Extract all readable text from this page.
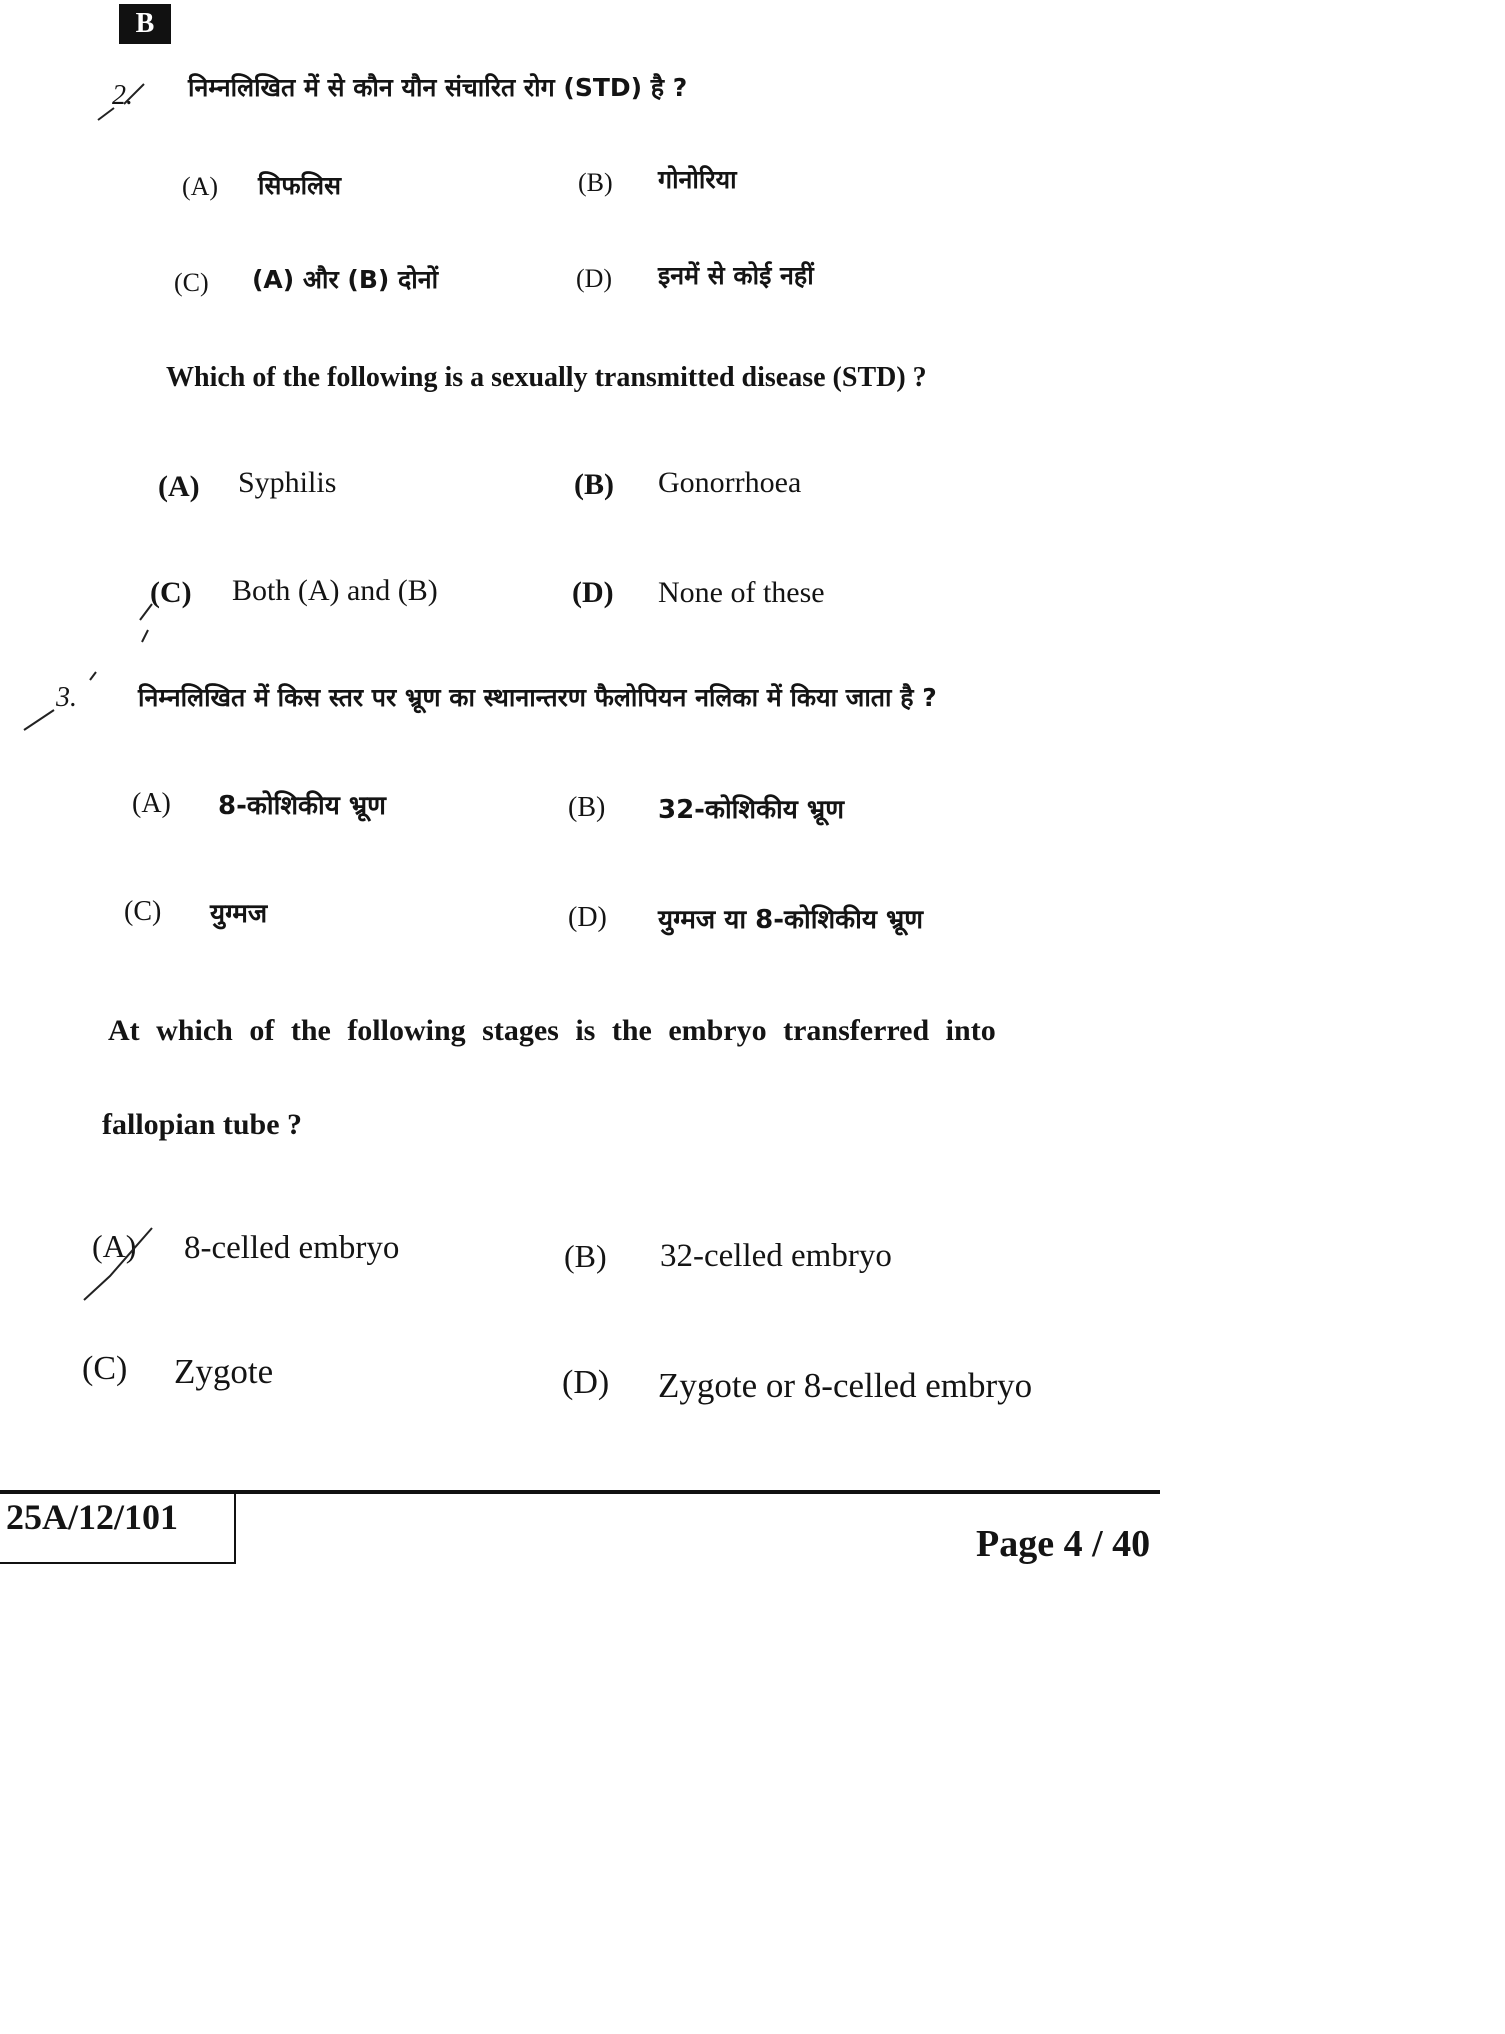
B
2. निम्नलिखित में से कौन यौन संचारित रोग (STD) है ?
(A) सिफलिस	(B) गोनोरिया
(C) (A) और (B) दोनों	(D) इनमें से कोई नहीं
Which of the following is a sexually transmitted disease (STD) ?
(A) Syphilis	(B) Gonorrhoea
(C) Both (A) and (B)	(D) None of these
3. निम्नलिखित में किस स्तर पर भ्रूण का स्थानान्तरण फैलोपियन नलिका में किया जाता है ?
(A) 8-कोशिकीय भ्रूण	(B) 32-कोशिकीय भ्रूण
(C) युग्मज	(D) युग्मज या 8-कोशिकीय भ्रूण
At which of the following stages is the embryo transferred into
fallopian tube ?
(A) 8-celled embryo	(B) 32-celled embryo
(C) Zygote	(D) Zygote or 8-celled embryo
25A/12/101
Page 4 / 40
